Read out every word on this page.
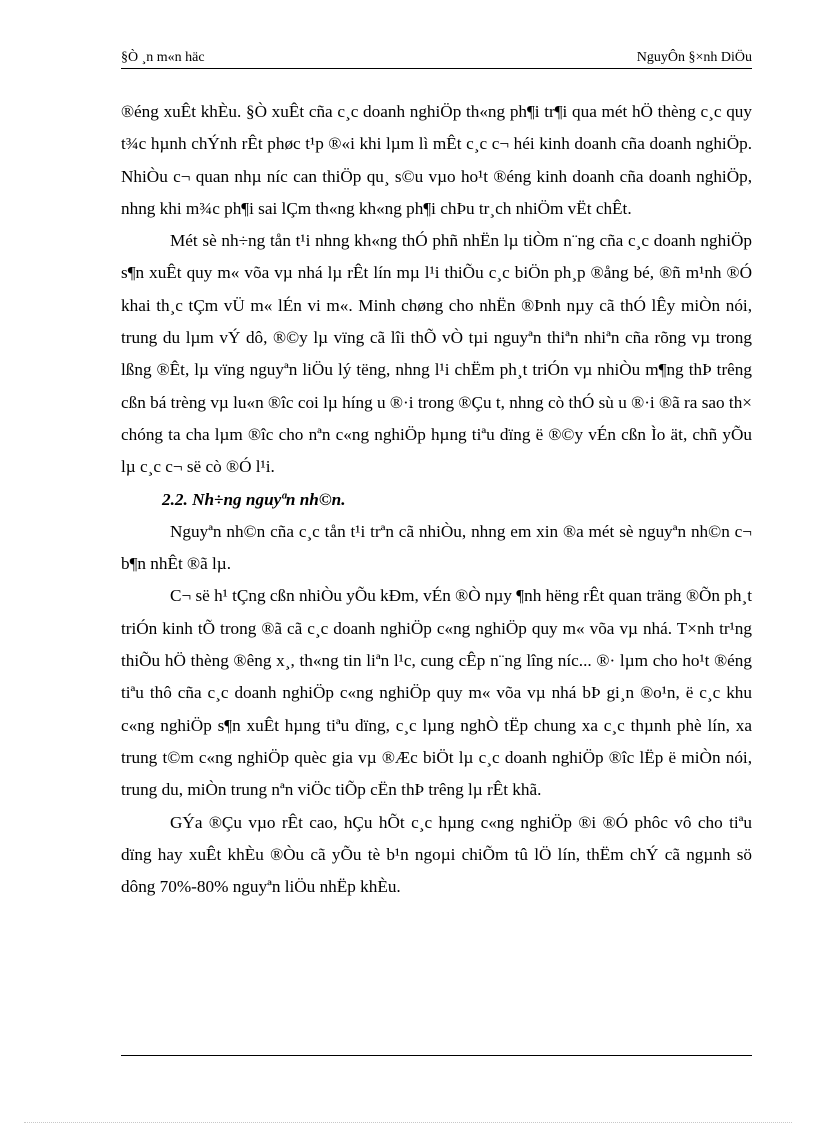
§Ò ¸n m«n häc	NguyÔn §×nh DiÖu

®éng xuÊt khÈu. §Ò xuÊt cña c¸c doanh nghiÖp th«ng ph¶i tr¶i qua mét hÖ thèng c¸c quy t¾c hµnh chÝnh rÊt phøc t¹p ®«i khi lµm lì mÊt c¸c c¬ héi kinh doanh cña doanh nghiÖp. NhiÒu c¬ quan nhµ níc can thiÖp qu¸ s©u vµo ho¹t ®éng kinh doanh cña doanh nghiÖp, nhng khi m¾c ph¶i sai lÇm th«ng kh«ng ph¶i chÞu tr¸ch nhiÖm vËt chÊt.

Mét sè nh÷ng tån t¹i nhng kh«ng thÓ phñ nhËn lµ tiÒm n¨ng cña c¸c doanh nghiÖp s¶n xuÊt quy m« võa vµ nhá lµ rÊt lín mµ l¹i thiÕu c¸c biÖn ph¸p ®ång bé, ®ñ m¹nh ®Ó khai th¸c tÇm vÜ m« lÉn vi m«. Minh chøng cho nhËn ®Þnh nµy cã thÓ lÊy miÒn nói, trung du lµm vÝ dô, ®©y lµ vïng cã lîi thÕ vÒ tµi nguyªn thiªn nhiªn cña rõng vµ trong lßng ®Êt, lµ vïng nguyªn liÖu lý tëng, nhng l¹i chËm ph¸t triÓn vµ nhiÒu m¶ng thÞ trêng cßn bá trèng vµ lu«n ®îc coi lµ híng u ®·i trong ®Çu t, nhng cò thÓ sù u ®·i ®ã ra sao th× chóng ta cha lµm ®îc cho nªn c«ng nghiÖp hµng tiªu dïng ë ®©y vÉn cßn Ìo ät, chñ yÕu lµ c¸c c¬ së cò ®Ó l¹i.

2.2. Nh÷ng nguyªn nh©n.

Nguyªn nh©n cña c¸c tån t¹i trªn cã nhiÒu, nhng em xin ®a mét sè nguyªn nh©n c¬ b¶n nhÊt ®ã lµ.

C¬ së h¹ tÇng cßn nhiÒu yÕu kÐm, vÉn ®Ò nµy ¶nh hëng rÊt quan träng ®Õn ph¸t triÓn kinh tÕ trong ®ã cã c¸c doanh nghiÖp c«ng nghiÖp quy m« võa vµ nhá. T×nh tr¹ng thiÕu hÖ thèng ®êng x¸, th«ng tin liªn l¹c, cung cÊp n¨ng lîng níc... ®· lµm cho ho¹t ®éng tiªu thô cña c¸c doanh nghiÖp c«ng nghiÖp quy m« võa vµ nhá bÞ gi¸n ®o¹n, ë c¸c khu c«ng nghiÖp s¶n xuÊt hµng tiªu dïng, c¸c lµng nghÒ tËp chung xa c¸c thµnh phè lín, xa trung t©m c«ng nghiÖp quèc gia vµ ®Æc biÖt lµ c¸c doanh nghiÖp ®îc lËp ë miÒn nói, trung du, miÒn trung nªn viÖc tiÕp cËn thÞ trêng lµ rÊt khã.

GÝa ®Çu vµo rÊt cao, hÇu hÕt c¸c hµng c«ng nghiÖp ®i ®Ó phôc vô cho tiªu dïng hay xuÊt khÈu ®Òu cã yÕu tè b¹n ngoµi chiÕm tû lÖ lín, thËm chÝ cã ngµnh sö dông 70%-80% nguyªn liÖu nhËp khÈu.
